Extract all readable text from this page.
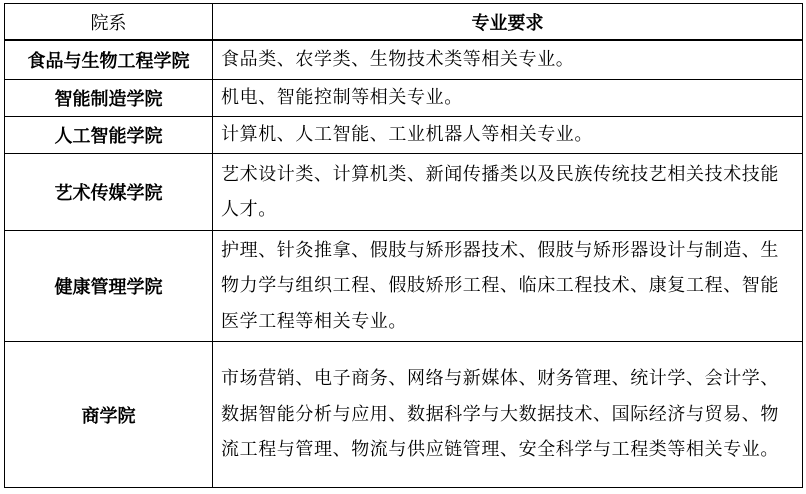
院系	专业要求
食品与生物工程学院	食品类、农学类、生物技术类等相关专业。
智能制造学院	机电、智能控制等相关专业。
人工智能学院	计算机、人工智能、工业机器人等相关专业。
艺术传媒学院	艺术设计类、计算机类、新闻传播类以及民族传统技艺相关技术技能人才。
健康管理学院	护理、针灸推拿、假肢与矫形器技术、假肢与矫形器设计与制造、生物力学与组织工程、假肢矫形工程、临床工程技术、康复工程、智能医学工程等相关专业。
商学院	市场营销、电子商务、网络与新媒体、财务管理、统计学、会计学、数据智能分析与应用、数据科学与大数据技术、国际经济与贸易、物流工程与管理、物流与供应链管理、安全科学与工程类等相关专业。
